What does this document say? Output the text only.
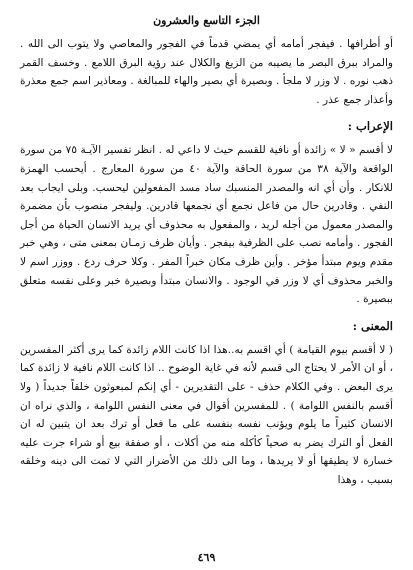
الجزء التاسع والعشرون

أو أطرافها . فيفجر أمامه أي يمضي قدماً في الفجور والمعاصي ولا يتوب الى الله . والمراد ببرق البصر ما يصيبه من الزيغ والكلال عند رؤية البرق اللامع . وخسف القمر ذهب نوره . لا وزر لا ملجأ . وبصيرة أي بصير والهاء للمبالغة . ومعاذير اسم جمع معذرة وأعذار جمع عذر .

الإعراب :

لا أقسم « لا » زائدة أو نافية للقسم حيث لا داعي له . انظر تفسير الآيـة ٧٥ من سورة الواقعة والآية ٣٨ من سورة الحاقة والآية ٤٠ من سورة المعارج . أيحسب الهمزة للانكار . وأن أي انه والمصدر المنسبك ساد مسد المفعولين ليحسب. وبلى ايجاب بعد النفي . وقادرين حال من فاعل نجمع أي نجمعها قادرين. وليفجر منصوب بأن مضمرة والمصدر معمول من أجله لريد ، والمفعول به محذوف أي يريد الانسان الحياة من أجل الفجور . وأمامه نصب على الظرفية بيفجر . وأيان ظرف زمـان بمعنى متى ، وهي خبر مقدم ويوم مبتدأ مؤخر . وأين ظرف مكان خبراً المفر . وكلا حرف ردع . ووزر اسم لا والخبر محذوف أي لا وزر في الوجود . والانسان مبتدأ وبصيرة خبر وعلى نفسه متعلق ببصيرة .

المعنى :

( لا أقسم بيوم القيامة ) أي اقسم به..هذا اذا كانت اللام زائدة كما يرى أكثر المفسرين ، أو ان الأمر لا يحتاج الى قسم لأنه في غاية الوضوح .. اذا كانت اللام نافية لا زائدة كما يرى البعض . وفي الكلام حذف - على التقديرين - أي إنكم لمبعوثون خلقاً جديداً ( ولا أقسم بالنفس اللوامة ) . للمفسرين أقوال في معنى النفس اللوامة ، والذي نراه ان الانسان كثيراً ما يلوم ويؤنب نفسه بنفسه على ما فعل أو ترك بعد ان يتبين له ان الفعل أو الترك يضر به صحياً كأكله منه من أكلات ، أو صفقة بيع أو شراء جرت عليه خسارة لا يطيقها أو لا يريدها ، وما الى ذلك من الأضرار التي لا تمت الى دينه وخلقه بسبب ، وهذا

٤٦٩
